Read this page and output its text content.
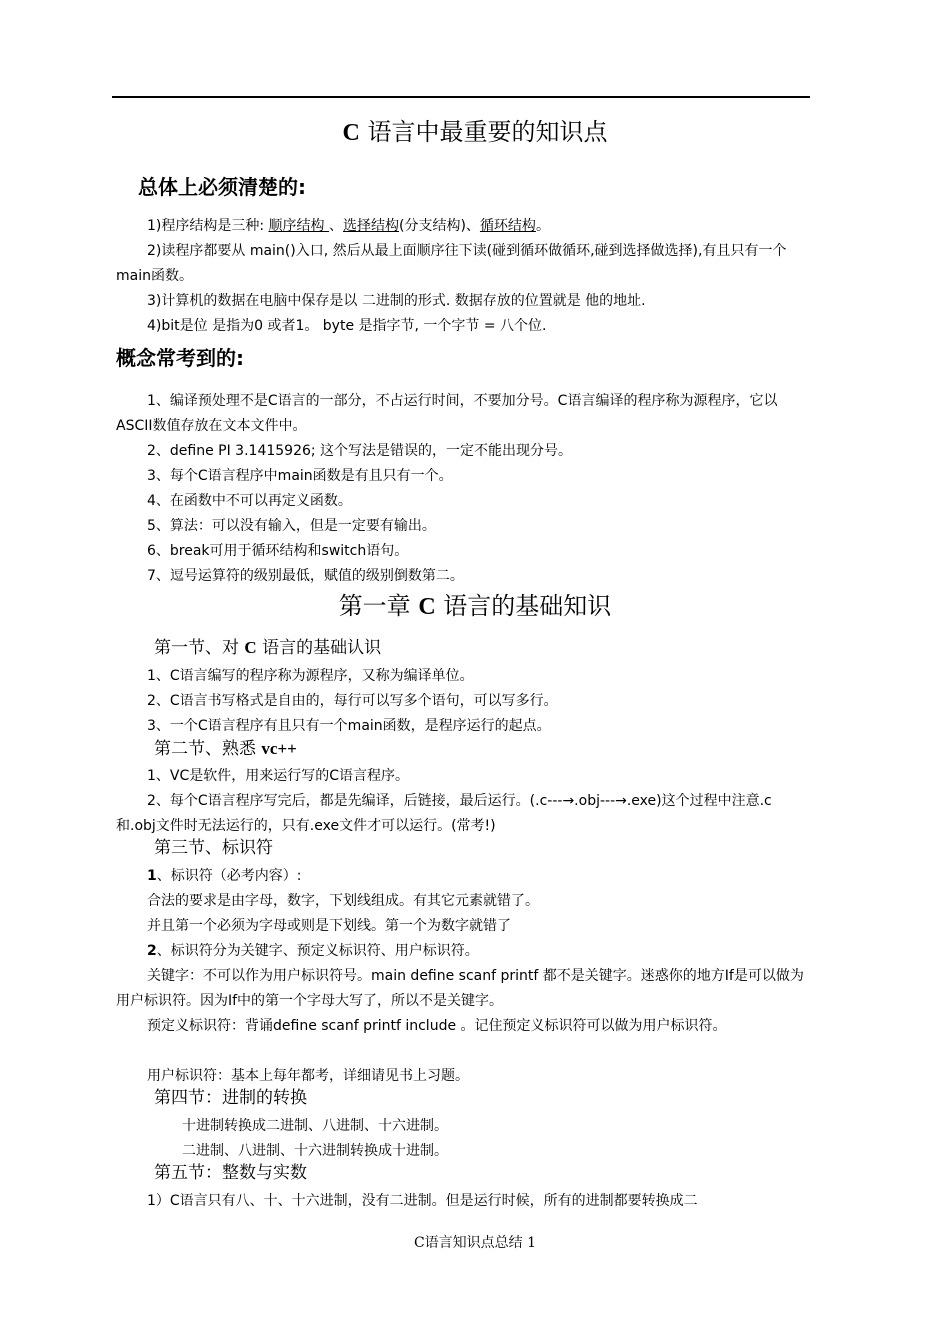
C 语言中最重要的知识点
总体上必须清楚的:
1)程序结构是三种: 顺序结构 、选择结构(分支结构)、循环结构。
2)读程序都要从 main()入口, 然后从最上面顺序往下读(碰到循环做循环,碰到选择做选择),有且只有一个main函数。
3)计算机的数据在电脑中保存是以 二进制的形式. 数据存放的位置就是 他的地址.
4)bit是位 是指为0 或者1。 byte 是指字节, 一个字节 = 八个位.
概念常考到的:
1、编译预处理不是C语言的一部分，不占运行时间，不要加分号。C语言编译的程序称为源程序，它以ASCII数值存放在文本文件中。
2、define PI 3.1415926; 这个写法是错误的，一定不能出现分号。
3、每个C语言程序中main函数是有且只有一个。
4、在函数中不可以再定义函数。
5、算法：可以没有输入，但是一定要有输出。
6、break可用于循环结构和switch语句。
7、逗号运算符的级别最低，赋值的级别倒数第二。
第一章 C 语言的基础知识
第一节、对 C 语言的基础认识
1、C语言编写的程序称为源程序，又称为编译单位。
2、C语言书写格式是自由的，每行可以写多个语句，可以写多行。
3、一个C语言程序有且只有一个main函数，是程序运行的起点。
第二节、熟悉 vc++
1、VC是软件，用来运行写的C语言程序。
2、每个C语言程序写完后，都是先编译，后链接，最后运行。(.c---→.obj---→.exe)这个过程中注意.c和.obj文件时无法运行的，只有.exe文件才可以运行。(常考!)
第三节、标识符
1、标识符（必考内容）:
合法的要求是由字母，数字，下划线组成。有其它元素就错了。
并且第一个必须为字母或则是下划线。第一个为数字就错了
2、标识符分为关键字、预定义标识符、用户标识符。
关键字：不可以作为用户标识符号。main define scanf printf 都不是关键字。迷惑你的地方If是可以做为用户标识符。因为If中的第一个字母大写了，所以不是关键字。
预定义标识符：背诵define scanf printf include 。记住预定义标识符可以做为用户标识符。
用户标识符：基本上每年都考，详细请见书上习题。
第四节：进制的转换
十进制转换成二进制、八进制、十六进制。
二进制、八进制、十六进制转换成十进制。
第五节：整数与实数
1）C语言只有八、十、十六进制，没有二进制。但是运行时候，所有的进制都要转换成二
C语言知识点总结 1
